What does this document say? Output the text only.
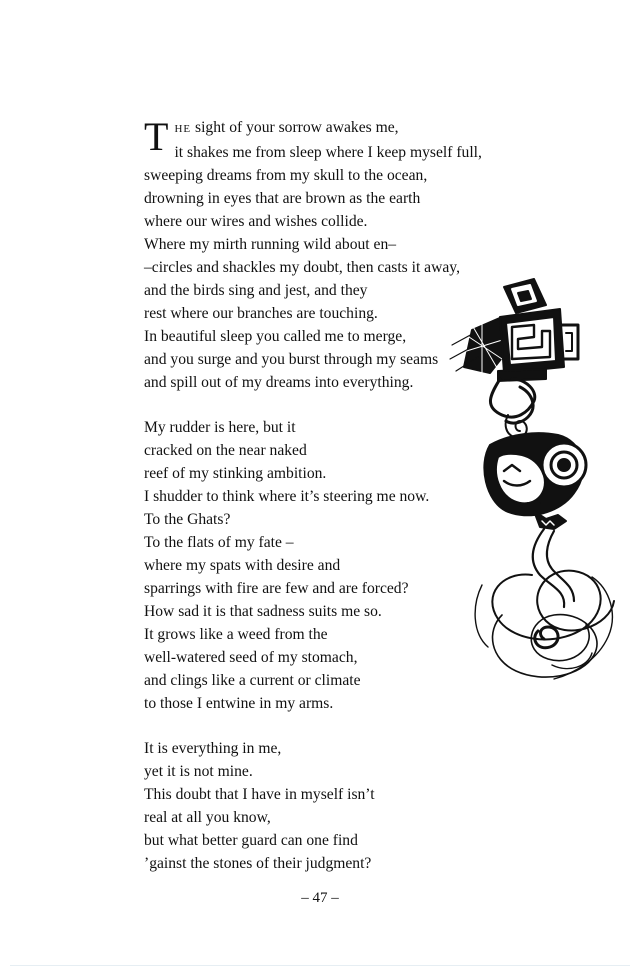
T HE sight of your sorrow awakes me,
it shakes me from sleep where I keep myself full,
sweeping dreams from my skull to the ocean,
drowning in eyes that are brown as the earth
where our wires and wishes collide.
Where my mirth running wild about en–
–circles and shackles my doubt, then casts it away,
and the birds sing and jest, and they
rest where our branches are touching.
In beautiful sleep you called me to merge,
and you surge and you burst through my seams
and spill out of my dreams into everything.
My rudder is here, but it
cracked on the near naked
reef of my stinking ambition.
I shudder to think where it’s steering me now.
To the Ghats?
To the flats of my fate –
where my spats with desire and
sparrings with fire are few and are forced?
How sad it is that sadness suits me so.
It grows like a weed from the
well-watered seed of my stomach,
and clings like a current or climate
to those I entwine in my arms.
It is everything in me,
yet it is not mine.
This doubt that I have in myself isn’t
real at all you know,
but what better guard can one find
’gainst the stones of their judgment?
– 47 –
